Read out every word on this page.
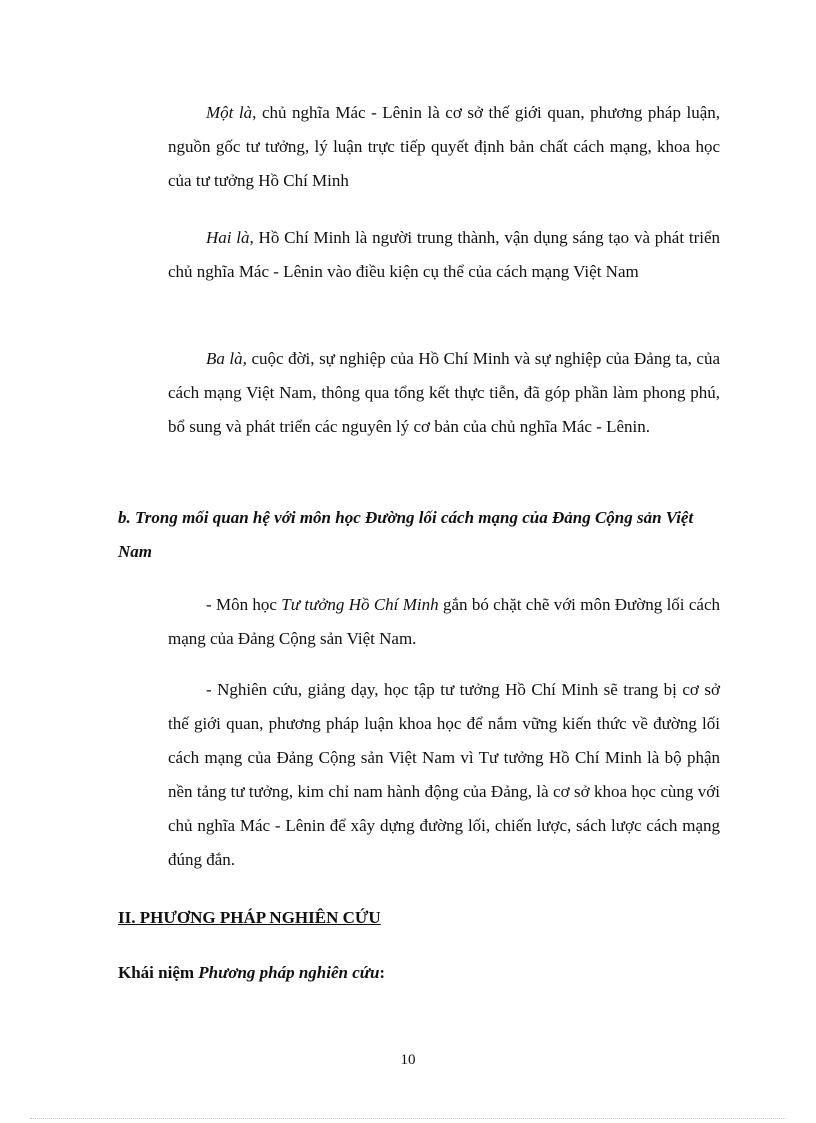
Một là, chủ nghĩa Mác - Lênin là cơ sở thế giới quan, phương pháp luận, nguồn gốc tư tưởng, lý luận trực tiếp quyết định bản chất cách mạng, khoa học của tư tưởng Hồ Chí Minh

Hai là, Hồ Chí Minh là người trung thành, vận dụng sáng tạo và phát triển chủ nghĩa Mác - Lênin vào điều kiện cụ thể của cách mạng Việt Nam

Ba là, cuộc đời, sự nghiệp của Hồ Chí Minh và sự nghiệp của Đảng ta, của cách mạng Việt Nam, thông qua tổng kết thực tiễn, đã góp phần làm phong phú, bổ sung và phát triển các nguyên lý cơ bản của chủ nghĩa Mác - Lênin.

b. Trong mối quan hệ với môn học Đường lối cách mạng của Đảng Cộng sản Việt Nam

- Môn học Tư tưởng Hồ Chí Minh gắn bó chặt chẽ với môn Đường lối cách mạng của Đảng Cộng sản Việt Nam.

- Nghiên cứu, giảng dạy, học tập tư tưởng Hồ Chí Minh sẽ trang bị cơ sở thế giới quan, phương pháp luận khoa học để nắm vững kiến thức về đường lối cách mạng của Đảng Cộng sản Việt Nam vì Tư tưởng Hồ Chí Minh là bộ phận nền tảng tư tưởng, kim chỉ nam hành động của Đảng, là cơ sở khoa học cùng với chủ nghĩa Mác - Lênin để xây dựng đường lối, chiến lược, sách lược cách mạng đúng đắn.

II. PHƯƠNG PHÁP NGHIÊN CỨU

Khái niệm Phương pháp nghiên cứu:

10
